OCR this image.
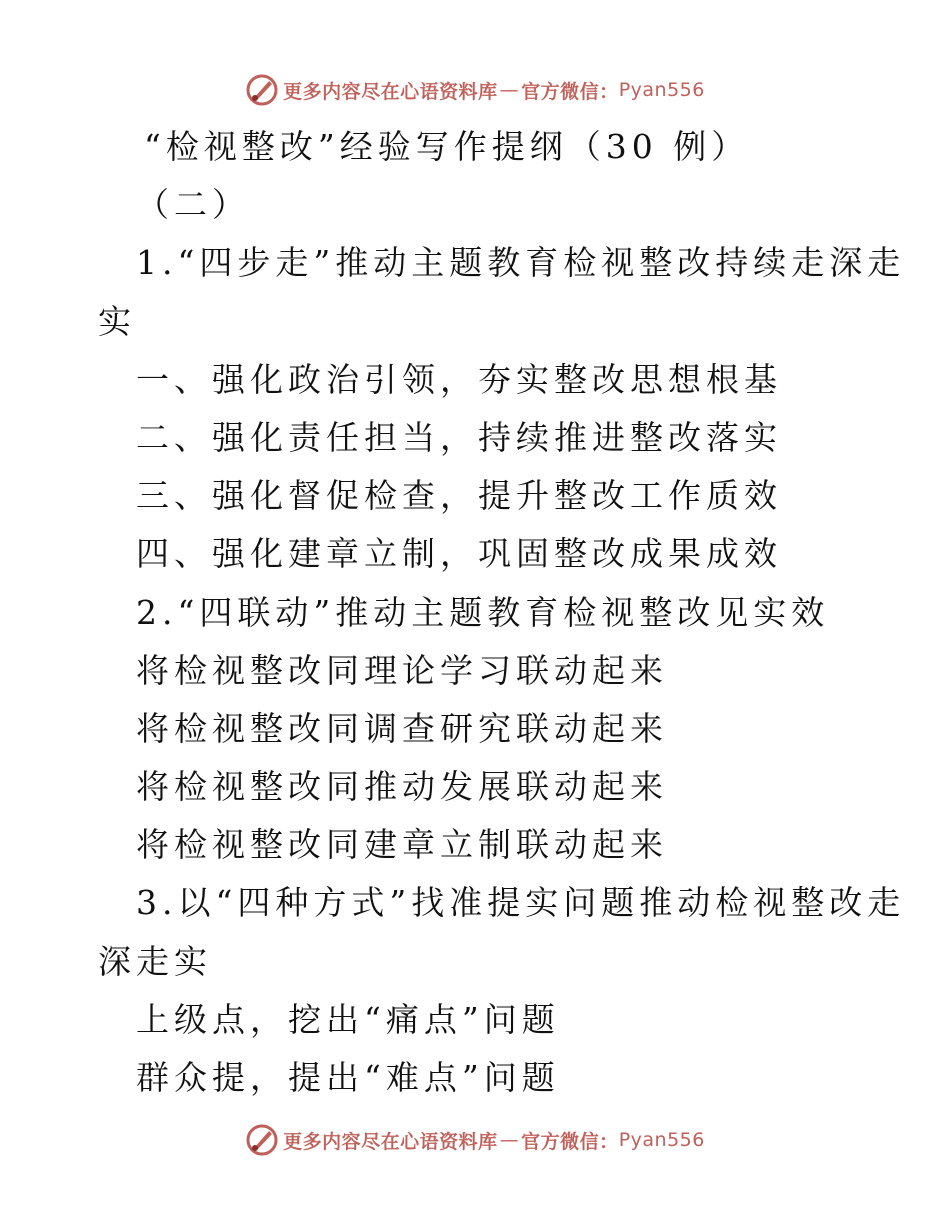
更多内容尽在心语资料库 — 官方微信： Pyan556
“检视整改”经验写作提纲（30 例）
（二）
1.“四步走”推动主题教育检视整改持续走深走
实
一、强化政治引领，夯实整改思想根基
二、强化责任担当，持续推进整改落实
三、强化督促检查，提升整改工作质效
四、强化建章立制，巩固整改成果成效
2.“四联动”推动主题教育检视整改见实效
将检视整改同理论学习联动起来
将检视整改同调查研究联动起来
将检视整改同推动发展联动起来
将检视整改同建章立制联动起来
3.以“四种方式”找准提实问题推动检视整改走
深走实
上级点，挖出“痛点”问题
群众提，提出“难点”问题
更多内容尽在心语资料库 — 官方微信： Pyan556
